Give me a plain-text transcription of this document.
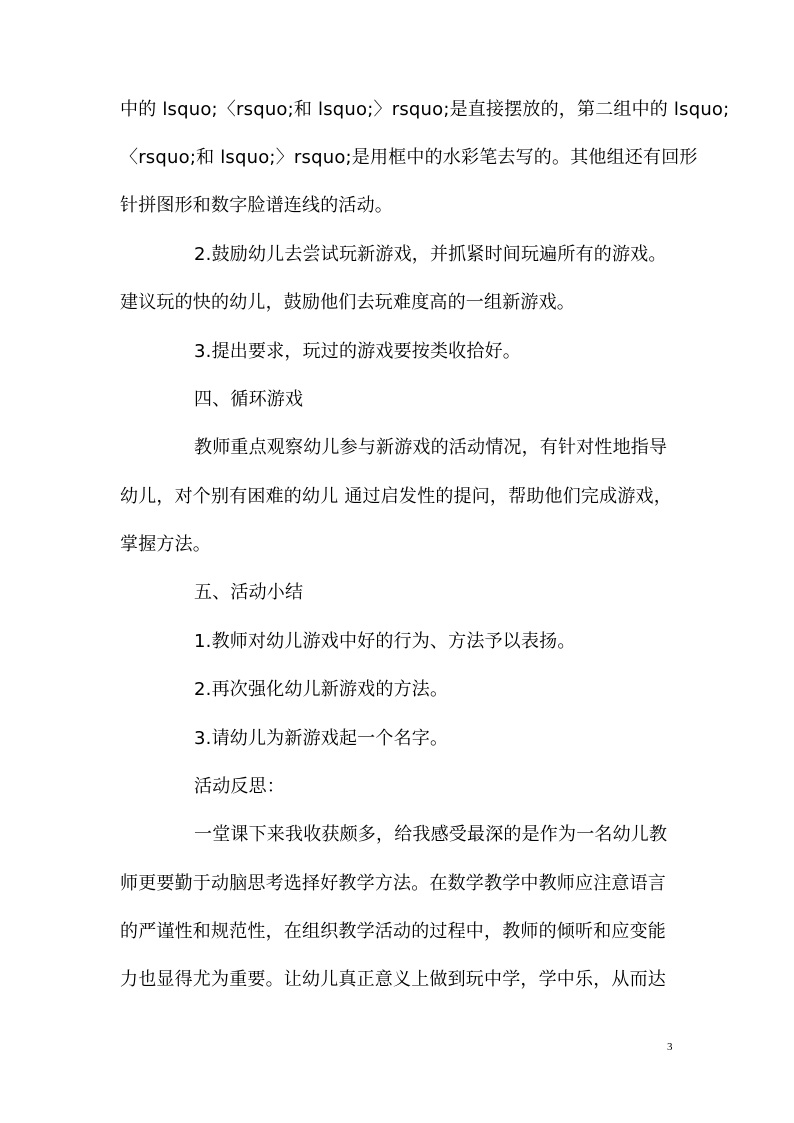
中的 lsquo;〈rsquo;和 lsquo;〉rsquo;是直接摆放的，第二组中的 lsquo;
〈rsquo;和 lsquo;〉rsquo;是用框中的水彩笔去写的。其他组还有回形
针拼图形和数字脸谱连线的活动。
2.鼓励幼儿去尝试玩新游戏，并抓紧时间玩遍所有的游戏。
建议玩的快的幼儿，鼓励他们去玩难度高的一组新游戏。
3.提出要求，玩过的游戏要按类收拾好。
四、循环游戏
教师重点观察幼儿参与新游戏的活动情况，有针对性地指导
幼儿，对个别有困难的幼儿 通过启发性的提问，帮助他们完成游戏，
掌握方法。
五、活动小结
1.教师对幼儿游戏中好的行为、方法予以表扬。
2.再次强化幼儿新游戏的方法。
3.请幼儿为新游戏起一个名字。
活动反思：
一堂课下来我收获颇多，给我感受最深的是作为一名幼儿教
师更要勤于动脑思考选择好教学方法。在数学教学中教师应注意语言
的严谨性和规范性，在组织教学活动的过程中，教师的倾听和应变能
力也显得尤为重要。让幼儿真正意义上做到玩中学，学中乐，从而达
3
